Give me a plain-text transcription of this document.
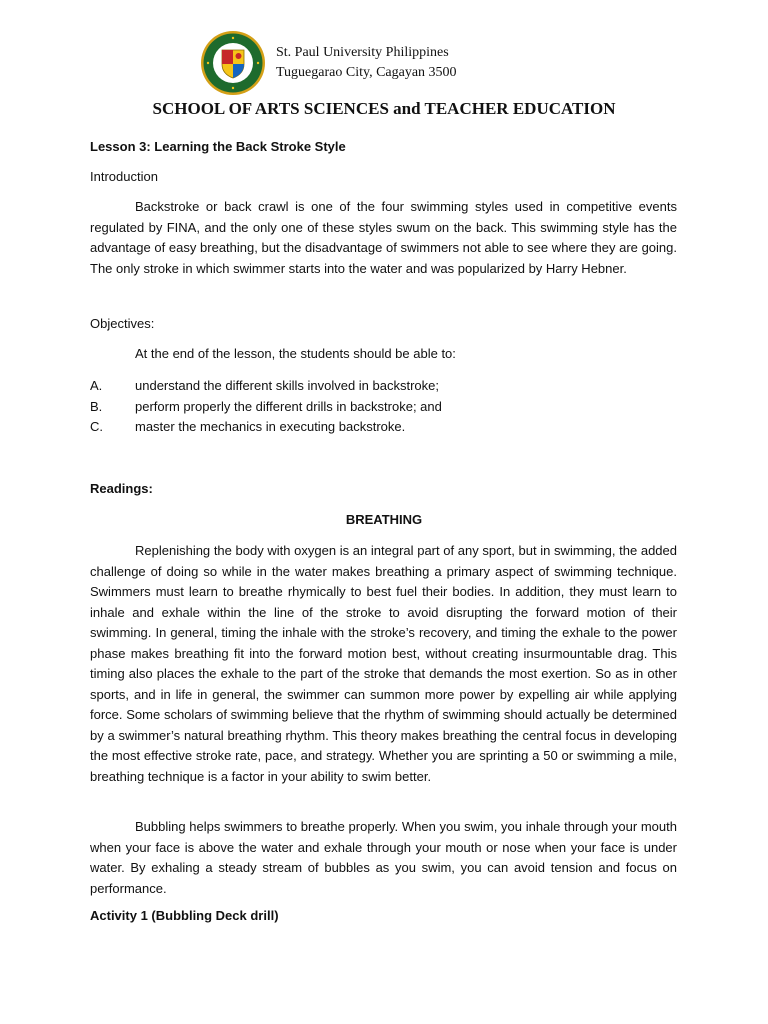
St. Paul University Philippines
Tuguegarao City, Cagayan 3500
SCHOOL OF ARTS SCIENCES and TEACHER EDUCATION
Lesson 3: Learning the Back Stroke Style
Introduction

Backstroke or back crawl is one of the four swimming styles used in competitive events regulated by FINA, and the only one of these styles swum on the back. This swimming style has the advantage of easy breathing, but the disadvantage of swimmers not able to see where they are going. The only stroke in which swimmer starts into the water and was popularized by Harry Hebner.

Objectives:
At the end of the lesson, the students should be able to:
A.	understand the different skills involved in backstroke;
B.	perform properly the different drills in backstroke; and
C. master the mechanics in executing backstroke.
Readings:
BREATHING

Replenishing the body with oxygen is an integral part of any sport, but in swimming, the added challenge of doing so while in the water makes breathing a primary aspect of swimming technique. Swimmers must learn to breathe rhymically to best fuel their bodies. In addition, they must learn to inhale and exhale within the line of the stroke to avoid disrupting the forward motion of their swimming. In general, timing the inhale with the stroke’s recovery, and timing the exhale to the power phase makes breathing fit into the forward motion best, without creating insurmountable drag. This timing also places the exhale to the part of the stroke that demands the most exertion. So as in other sports, and in life in general, the swimmer can summon more power by expelling air while applying force. Some scholars of swimming believe that the rhythm of swimming should actually be determined by a swimmer’s natural breathing rhythm. This theory makes breathing the central focus in developing the most effective stroke rate, pace, and strategy. Whether you are sprinting a 50 or swimming a mile, breathing technique is a factor in your ability to swim better.

Bubbling helps swimmers to breathe properly. When you swim, you inhale through your mouth when your face is above the water and exhale through your mouth or nose when your face is under water. By exhaling a steady stream of bubbles as you swim, you can avoid tension and focus on performance.

Activity 1 (Bubbling Deck drill)
